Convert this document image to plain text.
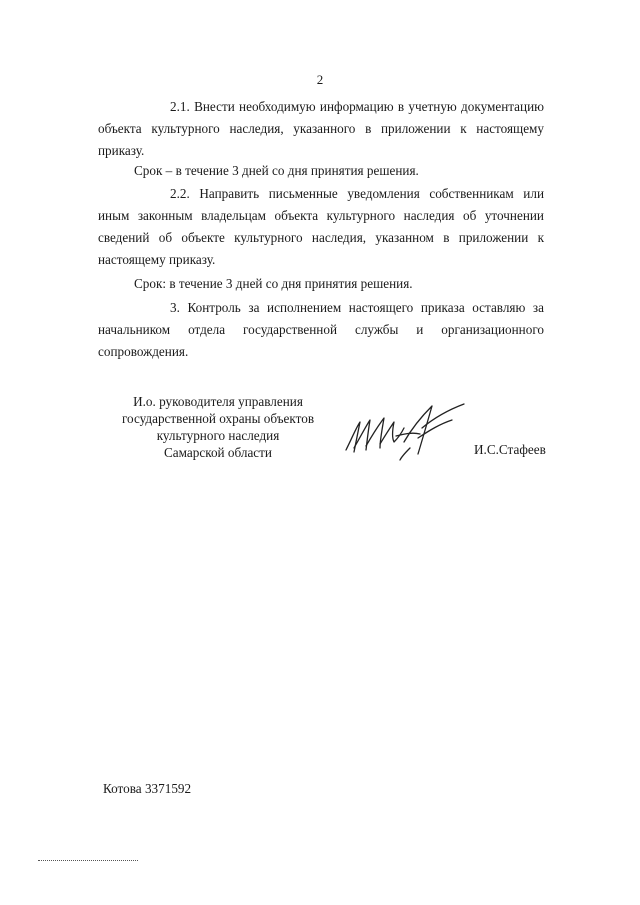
2

2.1. Внести необходимую информацию в учетную документацию объекта культурного наследия, указанного в приложении к настоящему приказу.

Срок – в течение 3 дней со дня принятия решения.

2.2. Направить письменные уведомления собственникам или иным законным владельцам объекта культурного наследия об уточнении сведений об объекте культурного наследия, указанном в приложении к настоящему приказу.

Срок: в течение 3 дней со дня принятия решения.

3. Контроль за исполнением настоящего приказа оставляю за начальником отдела государственной службы и организационного сопровождения.

И.о. руководителя управления
государственной охраны объектов
культурного наследия
Самарской области	И.С.Стафеев
Котова 3371592
